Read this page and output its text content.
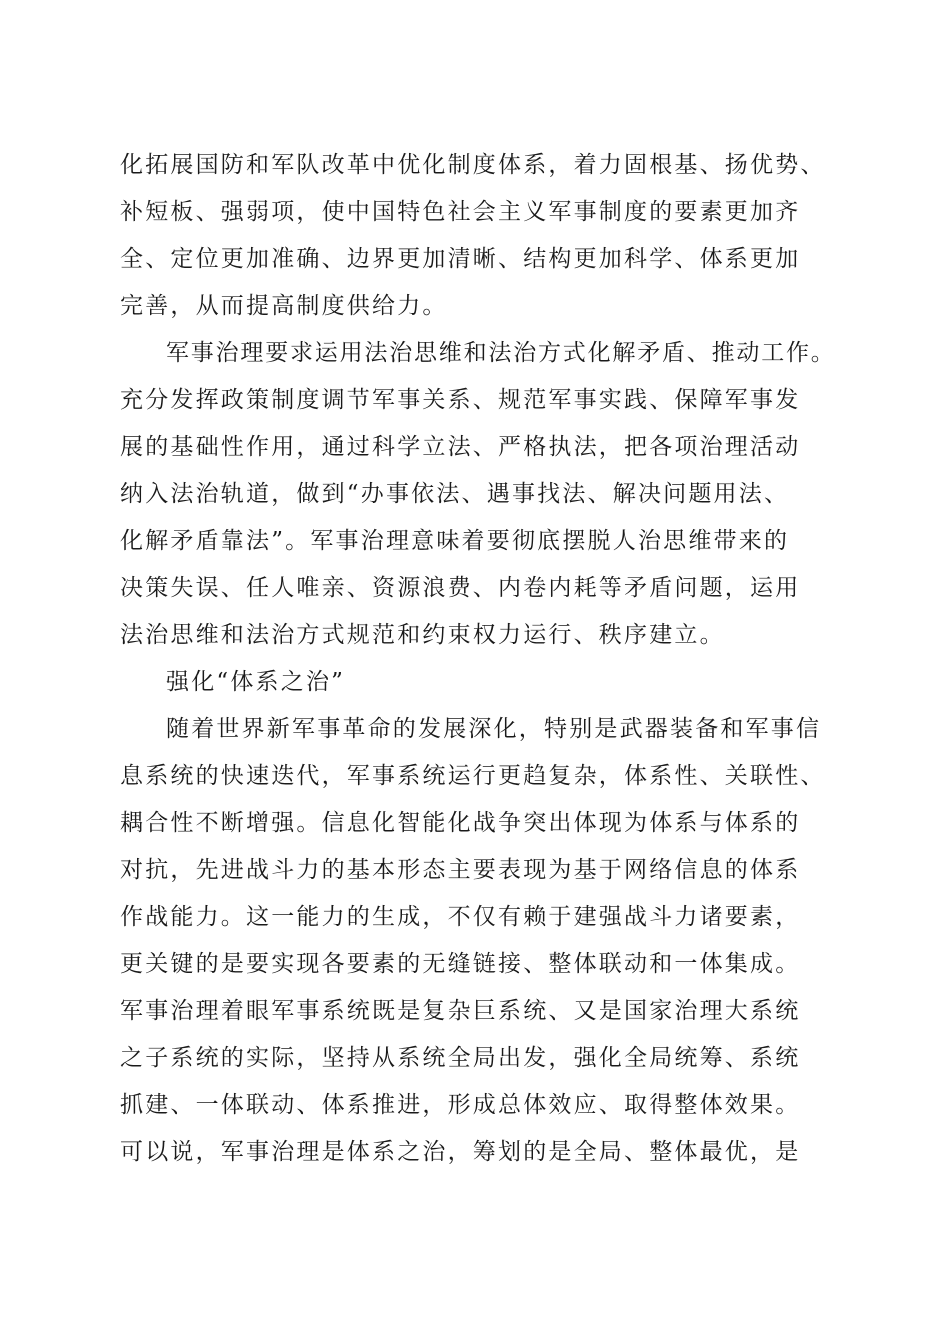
化拓展国防和军队改革中优化制度体系，着力固根基、扬优势、
补短板、强弱项，使中国特色社会主义军事制度的要素更加齐
全、定位更加准确、边界更加清晰、结构更加科学、体系更加
完善，从而提高制度供给力。
军事治理要求运用法治思维和法治方式化解矛盾、推动工作。
充分发挥政策制度调节军事关系、规范军事实践、保障军事发
展的基础性作用，通过科学立法、严格执法，把各项治理活动
纳入法治轨道，做到“办事依法、遇事找法、解决问题用法、
化解矛盾靠法”。军事治理意味着要彻底摆脱人治思维带来的
决策失误、任人唯亲、资源浪费、内卷内耗等矛盾问题，运用
法治思维和法治方式规范和约束权力运行、秩序建立。
强化“体系之治”
随着世界新军事革命的发展深化，特别是武器装备和军事信
息系统的快速迭代，军事系统运行更趋复杂，体系性、关联性、
耦合性不断增强。信息化智能化战争突出体现为体系与体系的
对抗，先进战斗力的基本形态主要表现为基于网络信息的体系
作战能力。这一能力的生成，不仅有赖于建强战斗力诸要素，
更关键的是要实现各要素的无缝链接、整体联动和一体集成。
军事治理着眼军事系统既是复杂巨系统、又是国家治理大系统
之子系统的实际，坚持从系统全局出发，强化全局统筹、系统
抓建、一体联动、体系推进，形成总体效应、取得整体效果。
可以说，军事治理是体系之治，筹划的是全局、整体最优，是
